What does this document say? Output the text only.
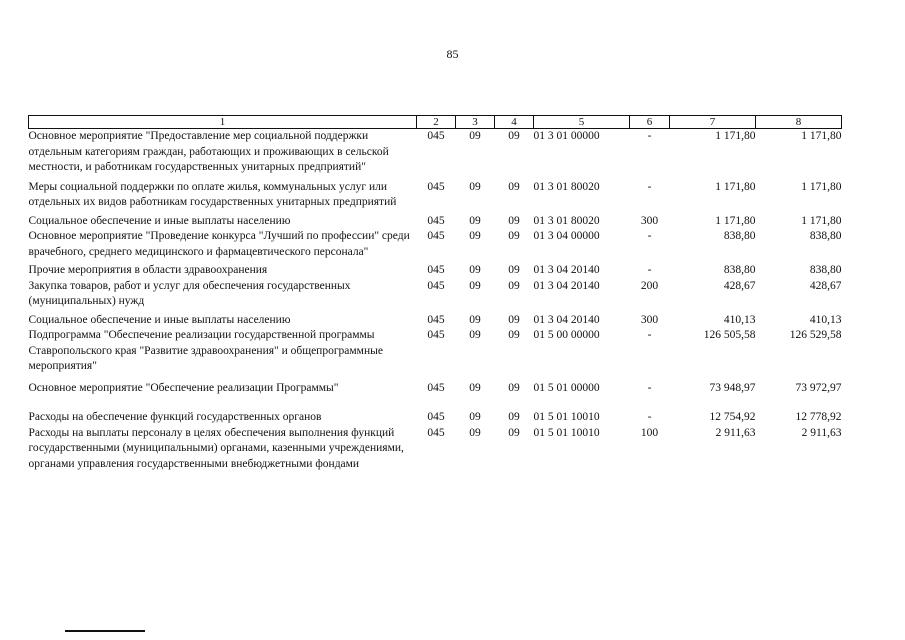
85
1	2	3	4	5	6	7	8
Основное мероприятие "Предоставление мер социальной поддержки отдельным категориям граждан, работающих и проживающих в сельской местности, и работникам государственных унитарных предприятий"	045	09	09	01 3 01 00000	-	1 171,80	1 171,80
Меры социальной поддержки по оплате жилья, коммунальных услуг или отдельных их видов работникам государственных унитарных предприятий	045	09	09	01 3 01 80020	-	1 171,80	1 171,80
Социальное обеспечение и иные выплаты населению	045	09	09	01 3 01 80020	300	1 171,80	1 171,80
Основное мероприятие "Проведение конкурса "Лучший по профессии" среди врачебного, среднего медицинского и фармацевтического персонала"	045	09	09	01 3 04 00000	-	838,80	838,80
Прочие мероприятия в области здравоохранения	045	09	09	01 3 04 20140	-	838,80	838,80
Закупка товаров, работ и услуг для обеспечения государственных (муниципальных) нужд	045	09	09	01 3 04 20140	200	428,67	428,67
Социальное обеспечение и иные выплаты населению	045	09	09	01 3 04 20140	300	410,13	410,13
Подпрограмма "Обеспечение реализации государственной программы Ставропольского края "Развитие здравоохранения" и общепрограммные мероприятия"	045	09	09	01 5 00 00000	-	126 505,58	126 529,58
Основное мероприятие "Обеспечение реализации Программы"	045	09	09	01 5 01 00000	-	73 948,97	73 972,97

Расходы на обеспечение функций государственных органов	045	09	09	01 5 01 10010	-	12 754,92	12 778,92
Расходы на выплаты персоналу в целях обеспечения выполнения функций государственными (муниципальными) органами, казенными учреждениями, органами управления государственными внебюджетными фондами	045	09	09	01 5 01 10010	100	2 911,63	2 911,63
